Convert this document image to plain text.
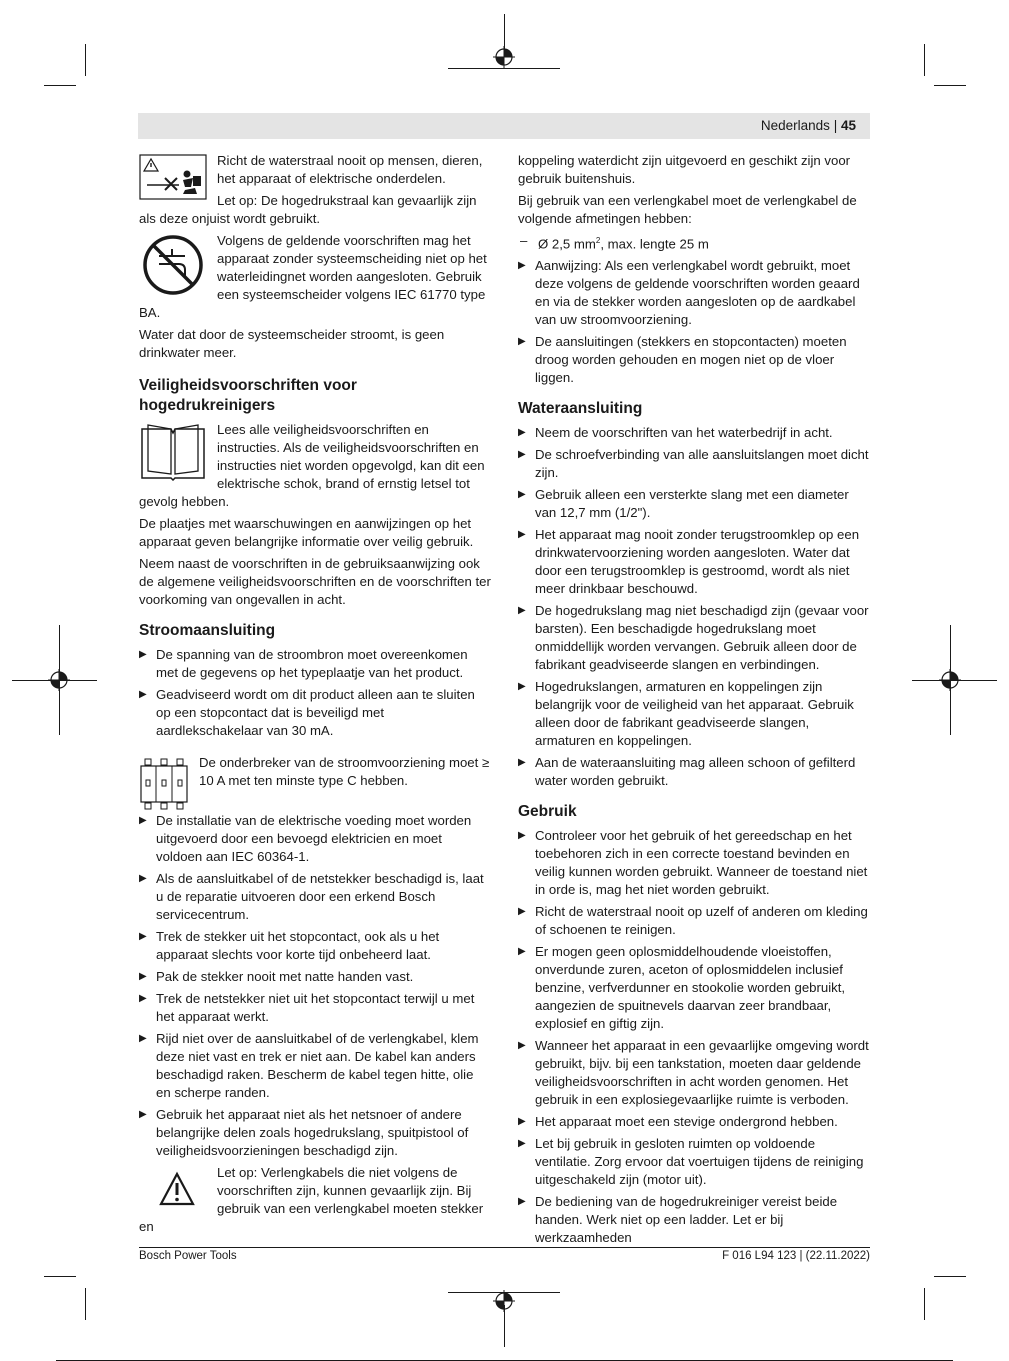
Nederlands | 45

Richt de waterstraal nooit op mensen, dieren, het apparaat of elektrische onderdelen.

Let op: De hogedrukstraal kan gevaarlijk zijn als deze onjuist wordt gebruikt.

Volgens de geldende voorschriften mag het apparaat zonder systeemscheiding niet op het waterleidingnet worden aangesloten. Gebruik een systeemscheider volgens IEC 61770 type BA.

Water dat door de systeemscheider stroomt, is geen drinkwater meer.

Veiligheidsvoorschriften voor hogedrukreinigers

Lees alle veiligheidsvoorschriften en instructies. Als de veiligheidsvoorschriften en instructies niet worden opgevolgd, kan dit een elektrische schok, brand of ernstig letsel tot gevolg hebben.

De plaatjes met waarschuwingen en aanwijzingen op het apparaat geven belangrijke informatie over veilig gebruik.

Neem naast de voorschriften in de gebruiksaanwijzing ook de algemene veiligheidsvoorschriften en de voorschriften ter voorkoming van ongevallen in acht.

Stroomaansluiting
▶ De spanning van de stroombron moet overeenkomen met de gegevens op het typeplaatje van het product.
▶ Geadviseerd wordt om dit product alleen aan te sluiten op een stopcontact dat is beveiligd met aardlekschakelaar van 30 mA.

De onderbreker van de stroomvoorziening moet ≥ 10 A met ten minste type C hebben.

▶ De installatie van de elektrische voeding moet worden uitgevoerd door een bevoegd elektricien en moet voldoen aan IEC 60364-1.
▶ Als de aansluitkabel of de netstekker beschadigd is, laat u de reparatie uitvoeren door een erkend Bosch servicecentrum.
▶ Trek de stekker uit het stopcontact, ook als u het apparaat slechts voor korte tijd onbeheerd laat.
▶ Pak de stekker nooit met natte handen vast.
▶ Trek de netstekker niet uit het stopcontact terwijl u met het apparaat werkt.
▶ Rijd niet over de aansluitkabel of de verlengkabel, klem deze niet vast en trek er niet aan. De kabel kan anders beschadigd raken. Bescherm de kabel tegen hitte, olie en scherpe randen.
▶ Gebruik het apparaat niet als het netsnoer of andere belangrijke delen zoals hogedrukslang, spuitpistool of veiligheidsvoorzieningen beschadigd zijn.

Let op: Verlengkabels die niet volgens de voorschriften zijn, kunnen gevaarlijk zijn. Bij gebruik van een verlengkabel moeten stekker en

koppeling waterdicht zijn uitgevoerd en geschikt zijn voor gebruik buitenshuis.

Bij gebruik van een verlengkabel moet de verlengkabel de volgende afmetingen hebben:

– Ø 2,5 $mm^2$, max. lengte 25 m
▶ Aanwijzing: Als een verlengkabel wordt gebruikt, moet deze volgens de geldende voorschriften worden geaard en via de stekker worden aangesloten op de aardkabel van uw stroomvoorziening.
▶ De aansluitingen (stekkers en stopcontacten) moeten droog worden gehouden en mogen niet op de vloer liggen.
Wateraansluiting
▶ Neem de voorschriften van het waterbedrijf in acht.
▶ De schroefverbinding van alle aansluitslangen moet dicht zijn.
▶ Gebruik alleen een versterkte slang met een diameter van 12,7 mm (1/2").
▶ Het apparaat mag nooit zonder terugstroomklep op een drinkwatervoorziening worden aangesloten. Water dat door een terugstroomklep is gestroomd, wordt als niet meer drinkbaar beschouwd.
▶ De hogedrukslang mag niet beschadigd zijn (gevaar voor barsten). Een beschadigde hogedrukslang moet onmiddellijk worden vervangen. Gebruik alleen door de fabrikant geadviseerde slangen en verbindingen.
▶ Hogedrukslangen, armaturen en koppelingen zijn belangrijk voor de veiligheid van het apparaat. Gebruik alleen door de fabrikant geadviseerde slangen, armaturen en koppelingen.
▶ Aan de wateraansluiting mag alleen schoon of gefilterd water worden gebruikt.
Gebruik
▶ Controleer voor het gebruik of het gereedschap en het toebehoren zich in een correcte toestand bevinden en veilig kunnen worden gebruikt. Wanneer de toestand niet in orde is, mag het niet worden gebruikt.
▶ Richt de waterstraal nooit op uzelf of anderen om kleding of schoenen te reinigen.
▶ Er mogen geen oplosmiddelhoudende vloeistoffen, onverdunde zuren, aceton of oplosmiddelen inclusief benzine, verfverdunner en stookolie worden gebruikt, aangezien de spuitnevels daarvan zeer brandbaar, explosief en giftig zijn.
▶ Wanneer het apparaat in een gevaarlijke omgeving wordt gebruikt, bijv. bij een tankstation, moeten daar geldende veiligheidsvoorschriften in acht worden genomen. Het gebruik in een explosiegevaarlijke ruimte is verboden.
▶ Het apparaat moet een stevige ondergrond hebben.
▶ Let bij gebruik in gesloten ruimten op voldoende ventilatie. Zorg ervoor dat voertuigen tijdens de reiniging uitgeschakeld zijn (motor uit).
▶ De bediening van de hogedrukreiniger vereist beide handen. Werk niet op een ladder. Let er bij werkzaamheden
Bosch Power Tools	F 016 L94 123 | (22.11.2022)
